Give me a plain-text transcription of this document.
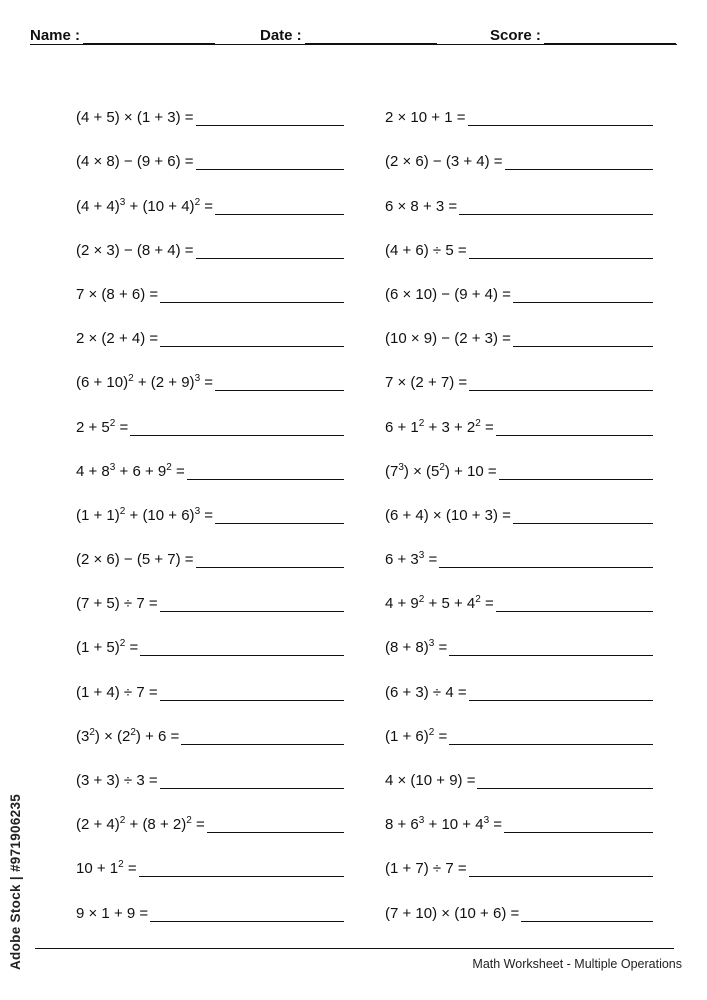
Name :	Date :	Score :
(4 + 5) × (1 + 3) =
(4 × 8) − (9 + 6) =
$(4 + 4)^3 + (10 + 4)^2$ =
(2 × 3) − (8 + 4) =
7 × (8 + 6) =
2 × (2 + 4) =
$(6 + 10)^2 + (2 + 9)^3$ =
$2 + 5^2$ =
$4 + 8^3 + 6 + 9^2$ =
$(1 + 1)^2 + (10 + 6)^3$ =
(2 × 6) − (5 + 7) =
(7 + 5) ÷ 7 =
$(1 + 5)^2$ =
(1 + 4) ÷ 7 =
$(3^2) \times (2^2) + 6$ =
(3 + 3) ÷ 3 =
$(2 + 4)^2 + (8 + 2)^2$ =
$10 + 1^2$ =
9 × 1 + 9 =
2 × 10 + 1 =
(2 × 6) − (3 + 4) =
6 × 8 + 3 =
(4 + 6) ÷ 5 =
(6 × 10) − (9 + 4) =
(10 × 9) − (2 + 3) =
7 × (2 + 7) =
$6 + 1^2 + 3 + 2^2$ =
$(7^3) \times (5^2) + 10$ =
(6 + 4) × (10 + 3) =
$6 + 3^3$ =
$4 + 9^2 + 5 + 4^2$ =
$(8 + 8)^3$ =
(6 + 3) ÷ 4 =
$(1 + 6)^2$ =
4 × (10 + 9) =
$8 + 6^3 + 10 + 4^3$ =
(1 + 7) ÷ 7 =
(7 + 10) × (10 + 6) =
Adobe Stock | #971906235	Math Worksheet - Multiple Operations
